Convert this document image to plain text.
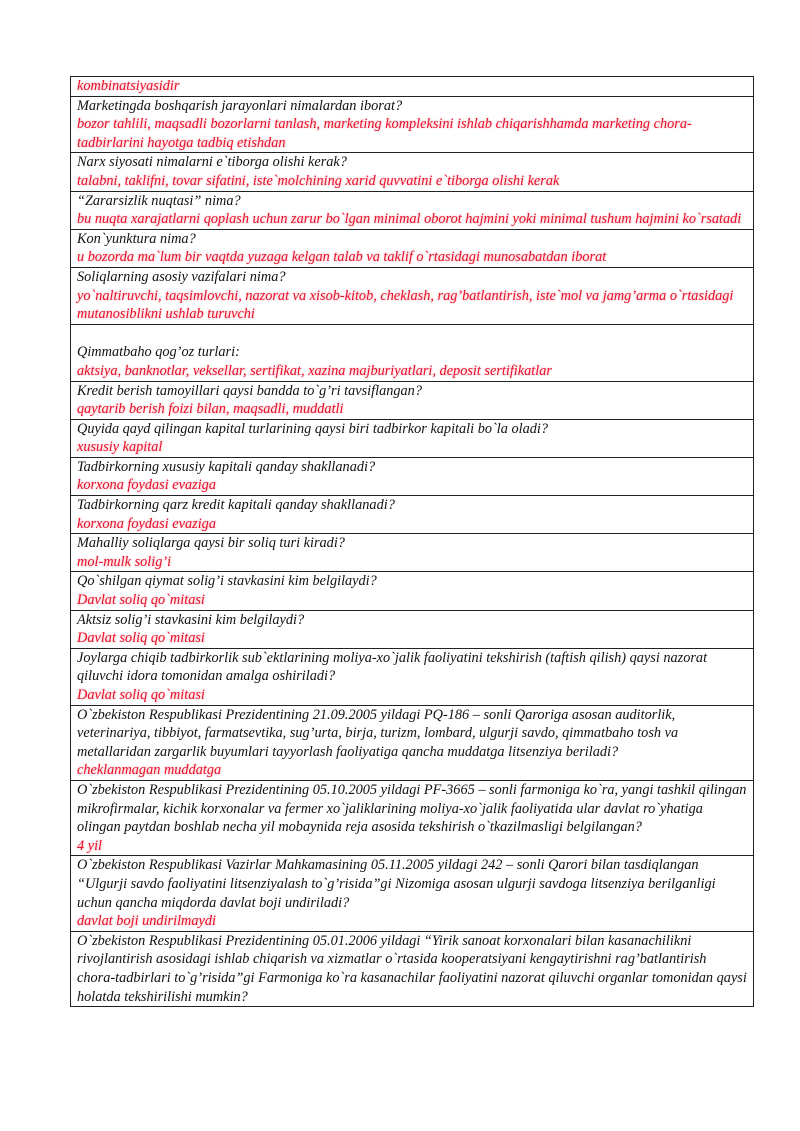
kombinatsiyasidir
Marketingda boshqarish jarayonlari nimalardan iborat?
bozor tahlili, maqsadli bozorlarni tanlash, marketing kompleksini ishlab chiqarishhamda marketing chora-tadbirlarini hayotga tadbiq etishdan
Narx siyosati nimalarni e`tiborga olishi kerak?
talabni, taklifni, tovar sifatini, iste`molchining xarid quvvatini e`tiborga olishi kerak
“Zararsizlik nuqtasi” nima?
bu nuqta xarajatlarni qoplash uchun zarur bo`lgan minimal oborot hajmini yoki minimal tushum hajmini ko`rsatadi
Kon`yunktura nima?
u bozorda ma`lum bir vaqtda yuzaga kelgan talab va taklif o`rtasidagi munosabatdan iborat
Soliqlarning asosiy vazifalari nima?
yo`naltiruvchi, taqsimlovchi, nazorat va xisob-kitob, cheklash, rag’batlantirish, iste`mol va jamg’arma o`rtasidagi mutanosiblikni ushlab turuvchi
Qimmatbaho qog’oz turlari:
aktsiya, banknotlar, veksellar, sertifikat, xazina majburiyatlari, deposit sertifikatlar
Kredit berish tamoyillari qaysi bandda to`g’ri tavsiflangan?
qaytarib berish foizi bilan, maqsadli, muddatli
Quyida qayd qilingan kapital turlarining qaysi biri tadbirkor kapitali bo`la oladi?
xususiy kapital
Tadbirkorning xususiy kapitali qanday shakllanadi?
korxona foydasi evaziga
Tadbirkorning qarz kredit kapitali qanday shakllanadi?
korxona foydasi evaziga
Mahalliy soliqlarga qaysi bir soliq turi kiradi?
mol-mulk solig’i
Qo`shilgan qiymat solig’i stavkasini kim belgilaydi?
Davlat soliq qo`mitasi
Aktsiz solig’i stavkasini kim belgilaydi?
Davlat soliq qo`mitasi
Joylarga chiqib tadbirkorlik sub`ektlarining moliya-xo`jalik faoliyatini tekshirish (taftish qilish) qaysi nazorat qiluvchi idora tomonidan amalga oshiriladi?
Davlat soliq qo`mitasi
O`zbekiston Respublikasi Prezidentining 21.09.2005 yildagi PQ-186 – sonli Qaroriga asosan auditorlik, veterinariya, tibbiyot, farmatsevtika, sug’urta, birja, turizm, lombard, ulgurji savdo, qimmatbaho tosh va metallaridan zargarlik buyumlari tayyorlash faoliyatiga qancha muddatga litsenziya beriladi?
cheklanmagan muddatga
O`zbekiston Respublikasi Prezidentining 05.10.2005 yildagi PF-3665 – sonli farmoniga ko`ra, yangi tashkil qilingan mikrofirmalar, kichik korxonalar va fermer xo`jaliklarining moliya-xo`jalik faoliyatida ular davlat ro`yhatiga olingan paytdan boshlab necha yil mobaynida reja asosida tekshirish o`tkazilmasligi belgilangan?
4 yil
O`zbekiston Respublikasi Vazirlar Mahkamasining 05.11.2005 yildagi 242 – sonli Qarori bilan tasdiqlangan “Ulgurji savdo faoliyatini litsenziyalash to`g’risida”gi Nizomiga asosan ulgurji savdoga litsenziya berilganligi uchun qancha miqdorda davlat boji undiriladi?
davlat boji undirilmaydi
O`zbekiston Respublikasi Prezidentining 05.01.2006 yildagi “Yirik sanoat korxonalari bilan kasanachilikni rivojlantirish asosidagi ishlab chiqarish va xizmatlar o`rtasida kooperatsiyani kengaytirishni rag’batlantirish chora-tadbirlari to`g’risida”gi Farmoniga ko`ra kasanachilar faoliyatini nazorat qiluvchi organlar tomonidan qaysi holatda tekshirilishi mumkin?
